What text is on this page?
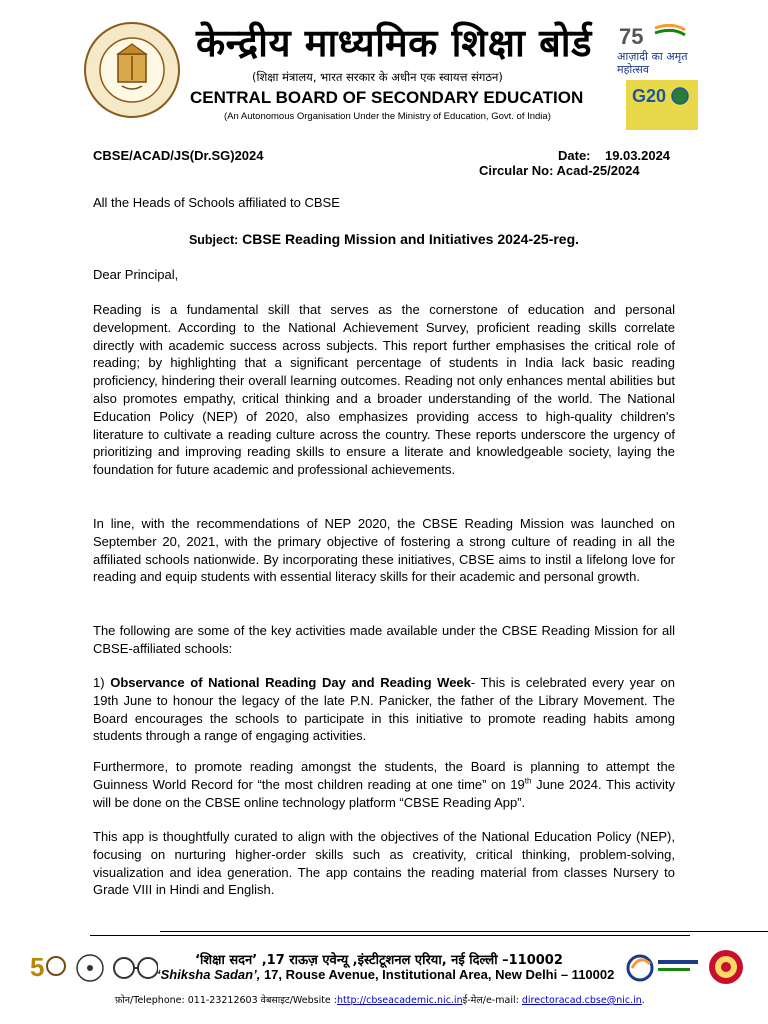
केन्द्रीय माध्यमिक शिक्षा बोर्ड
(शिक्षा मंत्रालय, भारत सरकार के अधीन एक स्वायत्त संगठन)
CENTRAL BOARD OF SECONDARY EDUCATION
(An Autonomous Organisation Under the Ministry of Education, Govt. of India)
75
आज़ादी का अमृत महोत्सव
G20
CBSE/ACAD/JS(Dr.SG)2024	Date: 19.03.2024
Circular No: Acad-25/2024
All the Heads of Schools affiliated to CBSE
Subject: CBSE Reading Mission and Initiatives 2024-25-reg.
Dear Principal,
Reading is a fundamental skill that serves as the cornerstone of education and personal development. According to the National Achievement Survey, proficient reading skills correlate directly with academic success across subjects. This report further emphasises the critical role of reading; by highlighting that a significant percentage of students in India lack basic reading proficiency, hindering their overall learning outcomes. Reading not only enhances mental abilities but also promotes empathy, critical thinking and a broader understanding of the world. The National Education Policy (NEP) of 2020, also emphasizes providing access to high-quality children's literature to cultivate a reading culture across the country. These reports underscore the urgency of prioritizing and improving reading skills to ensure a literate and knowledgeable society, laying the foundation for future academic and professional achievements.
In line, with the recommendations of NEP 2020, the CBSE Reading Mission was launched on September 20, 2021, with the primary objective of fostering a strong culture of reading in all the affiliated schools nationwide. By incorporating these initiatives, CBSE aims to instil a lifelong love for reading and equip students with essential literacy skills for their academic and personal growth.
The following are some of the key activities made available under the CBSE Reading Mission for all CBSE-affiliated schools:
1) Observance of National Reading Day and Reading Week- This is celebrated every year on 19th June to honour the legacy of the late P.N. Panicker, the father of the Library Movement. The Board encourages the schools to participate in this initiative to promote reading habits among students through a range of engaging activities.
Furthermore, to promote reading amongst the students, the Board is planning to attempt the Guinness World Record for “the most children reading at one time” on 19th June 2024. This activity will be done on the CBSE online technology platform “CBSE Reading App”.
This app is thoughtfully curated to align with the objectives of the National Education Policy (NEP), focusing on nurturing higher-order skills such as creativity, critical thinking, problem-solving, visualization and idea generation. The app contains the reading material from classes Nursery to Grade VIII in Hindi and English.
5	‘शिक्षा सदन’ ,17 राऊज़ एवेन्यू ,इंस्टीटूशनल एरिया, नई दिल्ली –110002
‘Shiksha Sadan’, 17, Rouse Avenue, Institutional Area, New Delhi – 110002
फ़ोन/Telephone: 011-23212603 वेबसाइट/Website :http://cbseacademic.nic.inई-मेल/e-mail: directoracad.cbse@nic.in.
